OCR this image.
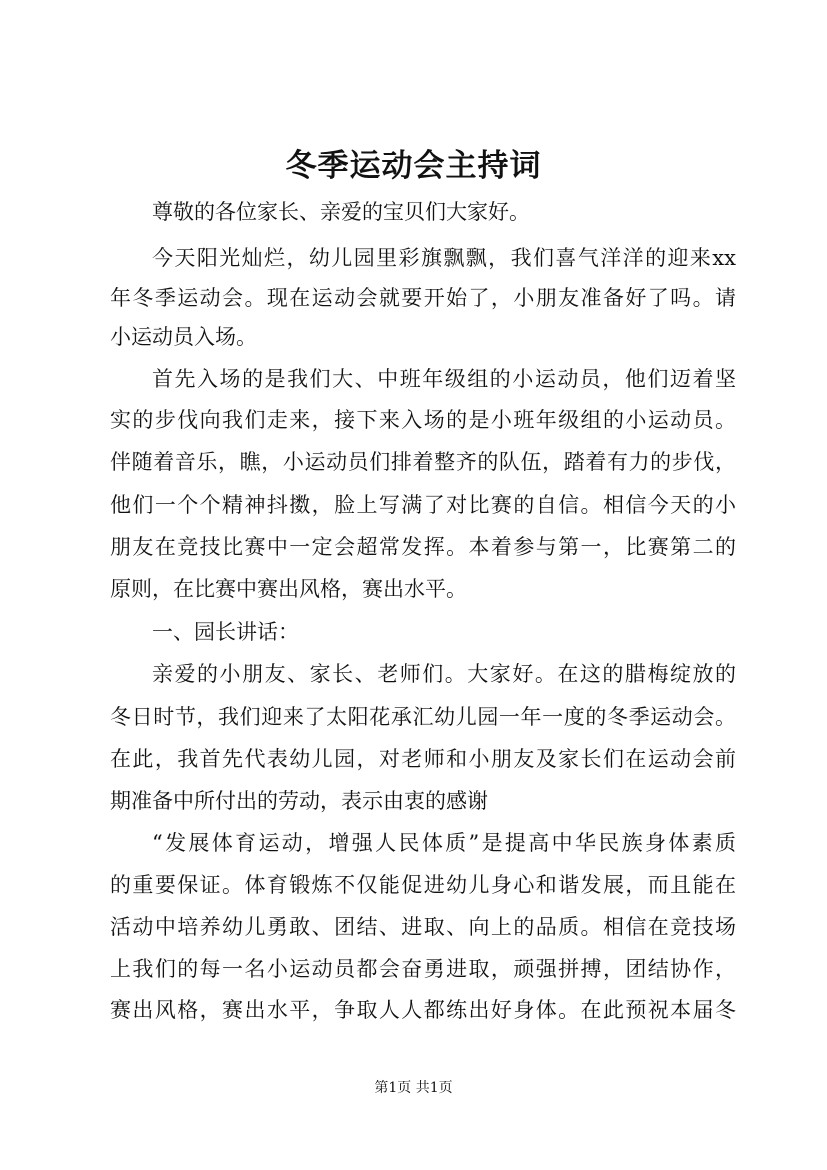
冬季运动会主持词
尊敬的各位家长、亲爱的宝贝们大家好。
今天阳光灿烂，幼儿园里彩旗飘飘，我们喜气洋洋的迎来xx
年冬季运动会。现在运动会就要开始了，小朋友准备好了吗。请
小运动员入场。
首先入场的是我们大、中班年级组的小运动员，他们迈着坚
实的步伐向我们走来，接下来入场的是小班年级组的小运动员。
伴随着音乐，瞧，小运动员们排着整齐的队伍，踏着有力的步伐，
他们一个个精神抖擞，脸上写满了对比赛的自信。相信今天的小
朋友在竞技比赛中一定会超常发挥。本着参与第一，比赛第二的
原则，在比赛中赛出风格，赛出水平。
一、园长讲话：
亲爱的小朋友、家长、老师们。大家好。在这的腊梅绽放的
冬日时节，我们迎来了太阳花承汇幼儿园一年一度的冬季运动会。
在此，我首先代表幼儿园，对老师和小朋友及家长们在运动会前
期准备中所付出的劳动，表示由衷的感谢
“发展体育运动，增强人民体质”是提高中华民族身体素质
的重要保证。体育锻炼不仅能促进幼儿身心和谐发展，而且能在
活动中培养幼儿勇敢、团结、进取、向上的品质。相信在竞技场
上我们的每一名小运动员都会奋勇进取，顽强拼搏，团结协作，
赛出风格，赛出水平，争取人人都练出好身体。在此预祝本届冬
第1页 共1页
